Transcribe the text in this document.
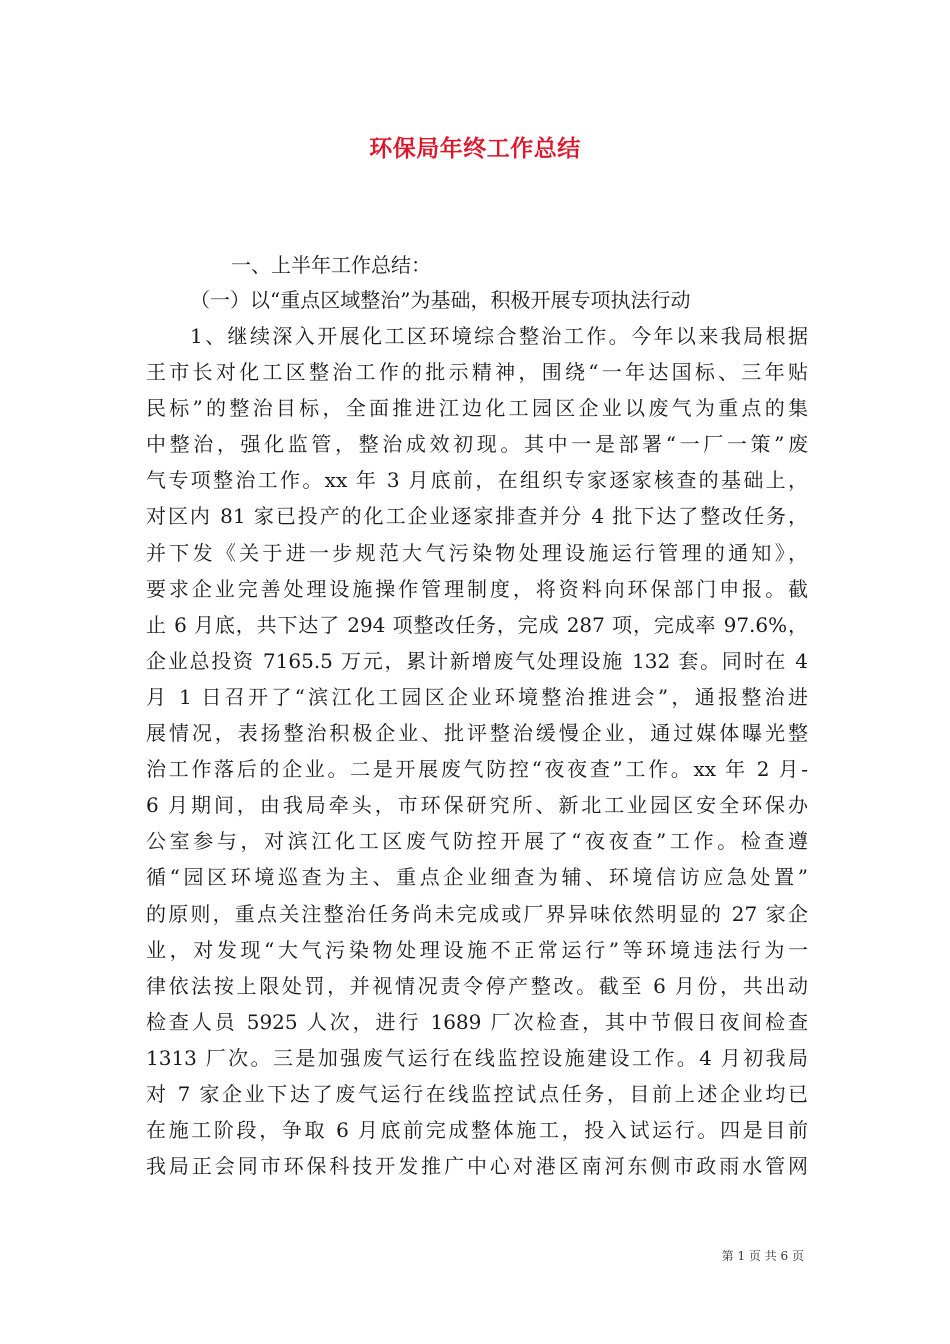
环保局年终工作总结
一、上半年工作总结：
（一）以“重点区域整治”为基础，积极开展专项执法行动
1、继续深入开展化工区环境综合整治工作。今年以来我局根据
王市长对化工区整治工作的批示精神，围绕“一年达国标、三年贴
民标”的整治目标，全面推进江边化工园区企业以废气为重点的集
中整治，强化监管，整治成效初现。其中一是部署“一厂一策”废
气专项整治工作。xx 年 3 月底前，在组织专家逐家核查的基础上，
对区内 81 家已投产的化工企业逐家排查并分 4 批下达了整改任务，
并下发《关于进一步规范大气污染物处理设施运行管理的通知》，
要求企业完善处理设施操作管理制度，将资料向环保部门申报。截
止 6 月底，共下达了 294 项整改任务，完成 287 项，完成率 97.6%，
企业总投资 7165.5 万元，累计新增废气处理设施 132 套。同时在 4
月 1 日召开了“滨江化工园区企业环境整治推进会”，通报整治进
展情况，表扬整治积极企业、批评整治缓慢企业，通过媒体曝光整
治工作落后的企业。二是开展废气防控“夜夜查”工作。xx 年 2 月-
6 月期间，由我局牵头，市环保研究所、新北工业园区安全环保办
公室参与，对滨江化工区废气防控开展了“夜夜查”工作。检查遵
循“园区环境巡查为主、重点企业细查为辅、环境信访应急处置”
的原则，重点关注整治任务尚未完成或厂界异味依然明显的 27 家企
业，对发现“大气污染物处理设施不正常运行”等环境违法行为一
律依法按上限处罚，并视情况责令停产整改。截至 6 月份，共出动
检查人员 5925 人次，进行 1689 厂次检查，其中节假日夜间检查
1313 厂次。三是加强废气运行在线监控设施建设工作。4 月初我局
对 7 家企业下达了废气运行在线监控试点任务，目前上述企业均已
在施工阶段，争取 6 月底前完成整体施工，投入试运行。四是目前
我局正会同市环保科技开发推广中心对港区南河东侧市政雨水管网
第 1 页 共 6 页
